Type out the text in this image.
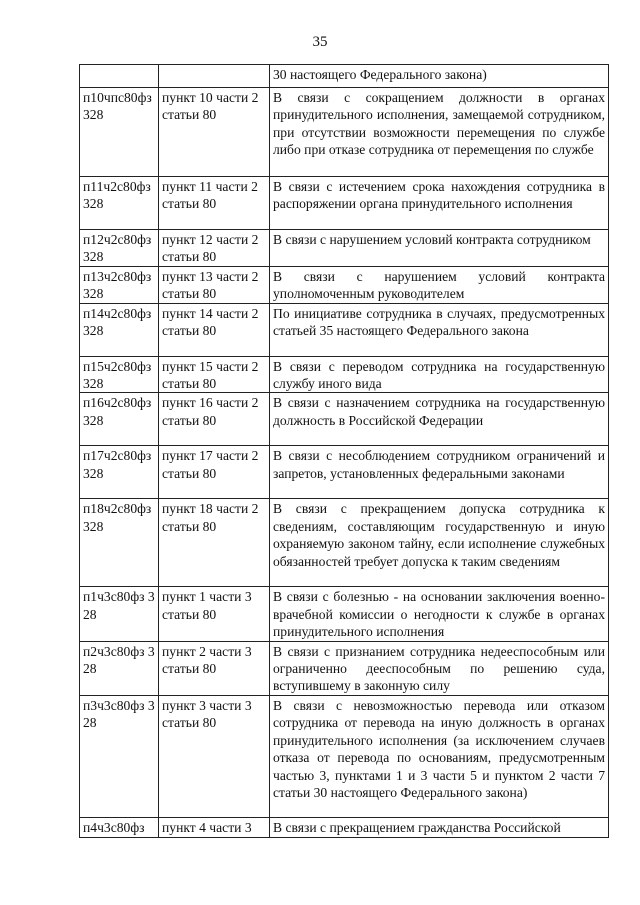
35
		30 настоящего Федерального закона)
п10чпс80фз328	пункт 10 части 2 статьи 80	В связи с сокращением должности в органах принудительного исполнения, замещаемой сотрудником, при отсутствии возможности перемещения по службе либо при отказе сотрудника от перемещения по службе
п11ч2с80фз328	пункт 11 части 2 статьи 80	В связи с истечением срока нахождения сотрудника в распоряжении органа принудительного исполнения
п12ч2с80фз328	пункт 12 части 2 статьи 80	В связи с нарушением условий контракта сотрудником
п13ч2с80фз328	пункт 13 части 2 статьи 80	В связи с нарушением условий контракта уполномоченным руководителем
п14ч2с80фз328	пункт 14 части 2 статьи 80	По инициативе сотрудника в случаях, предусмотренных статьей 35 настоящего Федерального закона
п15ч2с80фз328	пункт 15 части 2 статьи 80	В связи с переводом сотрудника на государственную службу иного вида
п16ч2с80фз328	пункт 16 части 2 статьи 80	В связи с назначением сотрудника на государственную должность в Российской Федерации
п17ч2с80фз328	пункт 17 части 2 статьи 80	В связи с несоблюдением сотрудником ограничений и запретов, установленных федеральными законами
п18ч2с80фз328	пункт 18 части 2 статьи 80	В связи с прекращением допуска сотрудника к сведениям, составляющим государственную и иную охраняемую законом тайну, если исполнение служебных обязанностей требует допуска к таким сведениям
п1ч3с80фз 328	пункт 1 части 3 статьи 80	В связи с болезнью - на основании заключения военно-врачебной комиссии о негодности к службе в органах принудительного исполнения
п2ч3с80фз 328	пункт 2 части 3 статьи 80	В связи с признанием сотрудника недееспособным или ограниченно дееспособным по решению суда, вступившему в законную силу
п3ч3с80фз 328	пункт 3 части 3 статьи 80	В связи с невозможностью перевода или отказом сотрудника от перевода на иную должность в органах принудительного исполнения (за исключением случаев отказа от перевода по основаниям, предусмотренным частью 3, пунктами 1 и 3 части 5 и пунктом 2 части 7 статьи 30 настоящего Федерального закона)
п4ч3с80фз	пункт 4 части 3	В связи с прекращением гражданства Российской
